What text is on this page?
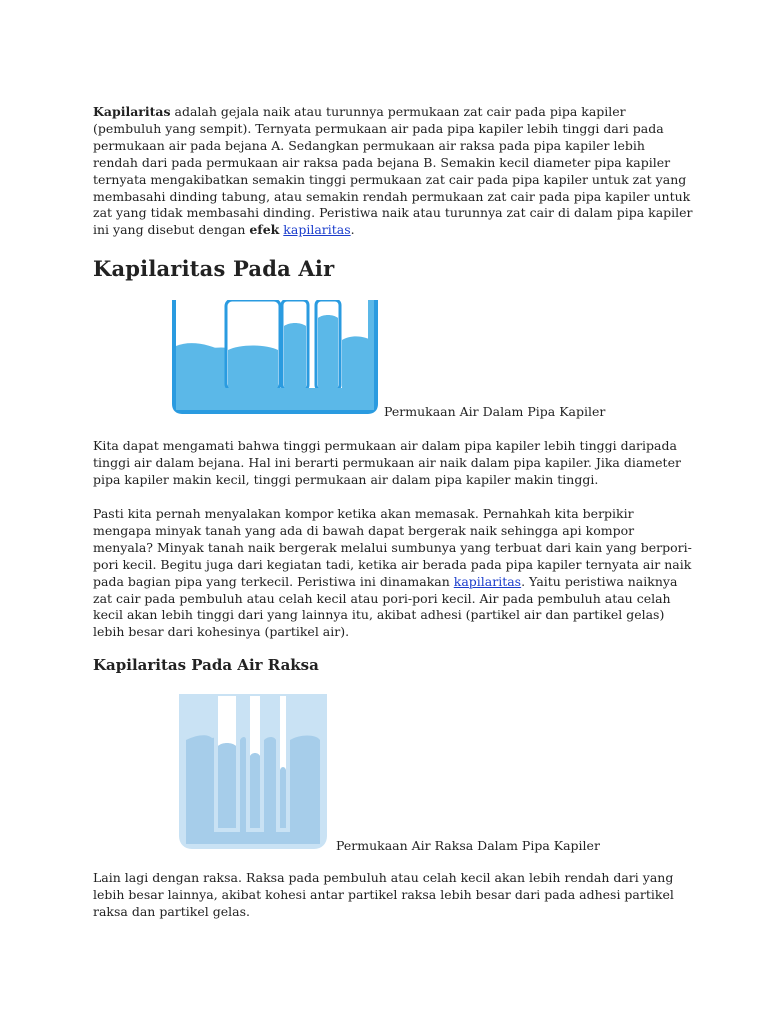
Kapilaritas adalah gejala naik atau turunnya permukaan zat cair pada pipa kapiler (pembuluh yang sempit). Ternyata permukaan air pada pipa kapiler lebih tinggi dari pada permukaan air pada bejana A. Sedangkan permukaan air raksa pada pipa kapiler lebih rendah dari pada permukaan air raksa pada bejana B. Semakin kecil diameter pipa kapiler ternyata mengakibatkan semakin tinggi permukaan zat cair pada pipa kapiler untuk zat yang membasahi dinding tabung, atau semakin rendah permukaan zat cair pada pipa kapiler untuk zat yang tidak membasahi dinding. Peristiwa naik atau turunnya zat cair di dalam pipa kapiler ini yang disebut dengan efek kapilaritas.

Kapilaritas Pada Air

Permukaan Air Dalam Pipa Kapiler

Kita dapat mengamati bahwa tinggi permukaan air dalam pipa kapiler lebih tinggi daripada tinggi air dalam bejana. Hal ini berarti permukaan air naik dalam pipa kapiler. Jika diameter pipa kapiler makin kecil, tinggi permukaan air dalam pipa kapiler makin tinggi.

Pasti kita pernah menyalakan kompor ketika akan memasak. Pernahkah kita berpikir mengapa minyak tanah yang ada di bawah dapat bergerak naik sehingga api kompor menyala? Minyak tanah naik bergerak melalui sumbunya yang terbuat dari kain yang berpori-pori kecil. Begitu juga dari kegiatan tadi, ketika air berada pada pipa kapiler ternyata air naik pada bagian pipa yang terkecil. Peristiwa ini dinamakan kapilaritas. Yaitu peristiwa naiknya zat cair pada pembuluh atau celah kecil atau pori-pori kecil. Air pada pembuluh atau celah kecil akan lebih tinggi dari yang lainnya itu, akibat adhesi (partikel air dan partikel gelas) lebih besar dari kohesinya (partikel air).

Kapilaritas Pada Air Raksa

Permukaan Air Raksa Dalam Pipa Kapiler

Lain lagi dengan raksa. Raksa pada pembuluh atau celah kecil akan lebih rendah dari yang lebih besar lainnya, akibat kohesi antar partikel raksa lebih besar dari pada adhesi partikel raksa dan partikel gelas.
